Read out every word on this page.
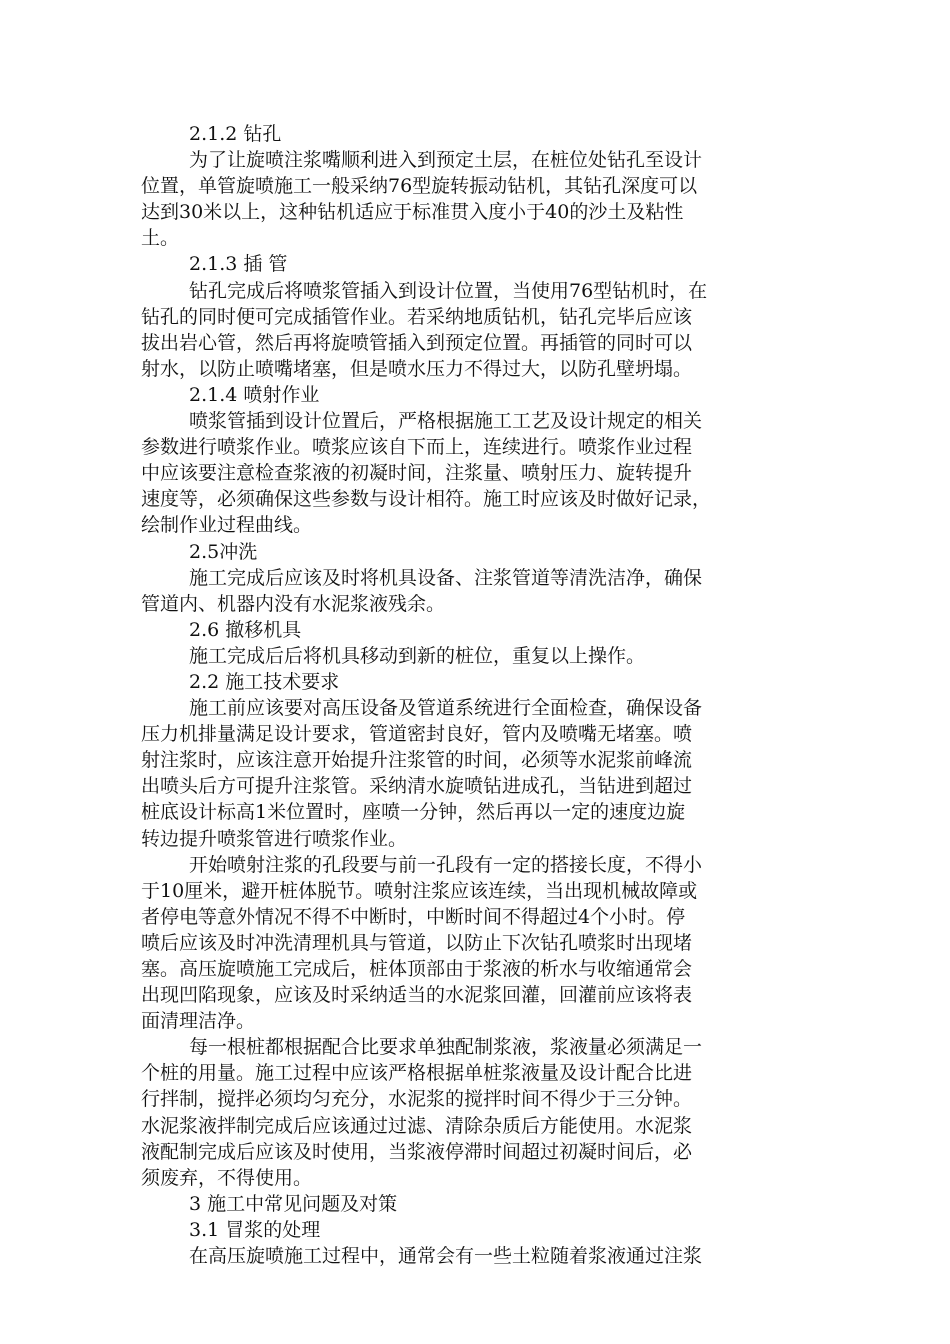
2.1.2 钻孔
为了让旋喷注浆嘴顺利进入到预定土层，在桩位处钻孔至设计
位置，单管旋喷施工一般采纳76型旋转振动钻机，其钻孔深度可以
达到30米以上，这种钻机适应于标准贯入度小于40的沙土及粘性
土。
2.1.3 插 管
钻孔完成后将喷浆管插入到设计位置，当使用76型钻机时，在
钻孔的同时便可完成插管作业。若采纳地质钻机，钻孔完毕后应该
拔出岩心管，然后再将旋喷管插入到预定位置。再插管的同时可以
射水，以防止喷嘴堵塞，但是喷水压力不得过大，以防孔壁坍塌。
2.1.4 喷射作业
喷浆管插到设计位置后，严格根据施工工艺及设计规定的相关
参数进行喷浆作业。喷浆应该自下而上，连续进行。喷浆作业过程
中应该要注意检查浆液的初凝时间，注浆量、喷射压力、旋转提升
速度等，必须确保这些参数与设计相符。施工时应该及时做好记录，
绘制作业过程曲线。
2.5冲洗
施工完成后应该及时将机具设备、注浆管道等清洗洁净，确保
管道内、机器内没有水泥浆液残余。
2.6 撤移机具
施工完成后后将机具移动到新的桩位，重复以上操作。
2.2 施工技术要求
施工前应该要对高压设备及管道系统进行全面检查，确保设备
压力机排量满足设计要求，管道密封良好，管内及喷嘴无堵塞。喷
射注浆时，应该注意开始提升注浆管的时间，必须等水泥浆前峰流
出喷头后方可提升注浆管。采纳清水旋喷钻进成孔，当钻进到超过
桩底设计标高1米位置时，座喷一分钟，然后再以一定的速度边旋
转边提升喷浆管进行喷浆作业。
开始喷射注浆的孔段要与前一孔段有一定的搭接长度，不得小
于10厘米，避开桩体脱节。喷射注浆应该连续，当出现机械故障或
者停电等意外情况不得不中断时，中断时间不得超过4个小时。停
喷后应该及时冲洗清理机具与管道，以防止下次钻孔喷浆时出现堵
塞。高压旋喷施工完成后，桩体顶部由于浆液的析水与收缩通常会
出现凹陷现象，应该及时采纳适当的水泥浆回灌，回灌前应该将表
面清理洁净。
每一根桩都根据配合比要求单独配制浆液，浆液量必须满足一
个桩的用量。施工过程中应该严格根据单桩浆液量及设计配合比进
行拌制，搅拌必须均匀充分，水泥浆的搅拌时间不得少于三分钟。
水泥浆液拌制完成后应该通过过滤、清除杂质后方能使用。水泥浆
液配制完成后应该及时使用，当浆液停滞时间超过初凝时间后，必
须废弃，不得使用。
3 施工中常见问题及对策
3.1 冒浆的处理
在高压旋喷施工过程中，通常会有一些土粒随着浆液通过注浆
